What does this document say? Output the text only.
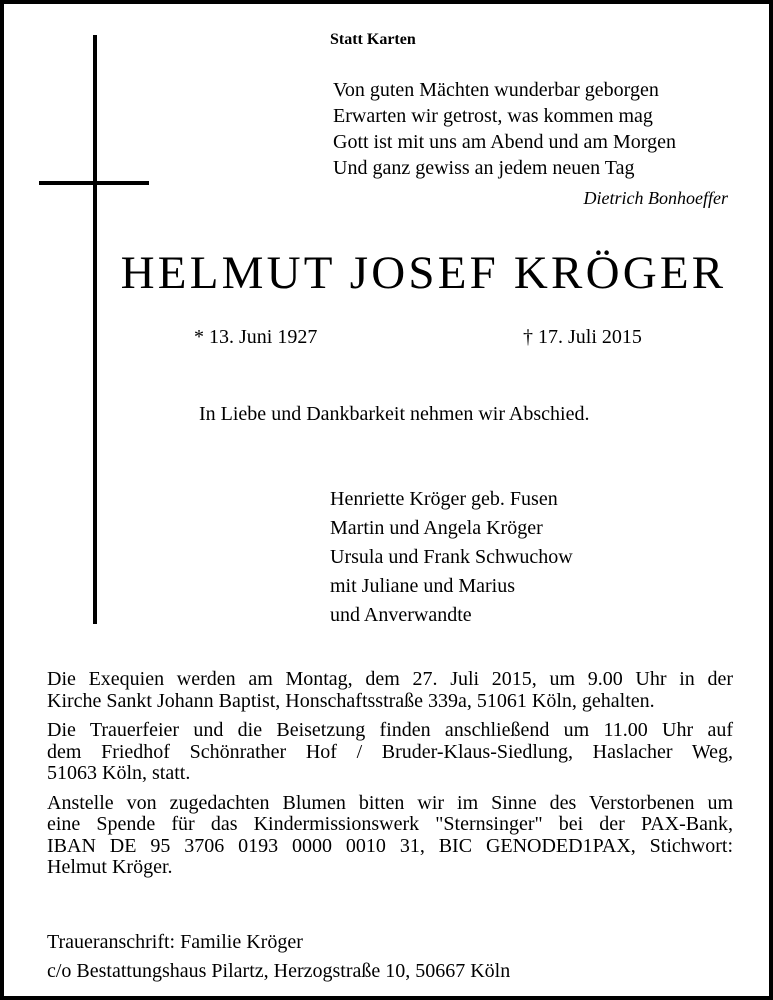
Statt Karten
Von guten Mächten wunderbar geborgen
Erwarten wir getrost, was kommen mag
Gott ist mit uns am Abend und am Morgen
Und ganz gewiss an jedem neuen Tag
Dietrich Bonhoeffer
HELMUT JOSEF KRÖGER
* 13. Juni 1927	† 17. Juli 2015
In Liebe und Dankbarkeit nehmen wir Abschied.
Henriette Kröger geb. Fusen
Martin und Angela Kröger
Ursula und Frank Schwuchow
mit Juliane und Marius
und Anverwandte
Die Exequien werden am Montag, dem 27. Juli 2015, um 9.00 Uhr in der
Kirche Sankt Johann Baptist, Honschaftsstraße 339a, 51061 Köln, gehalten.
Die Trauerfeier und die Beisetzung finden anschließend um 11.00 Uhr auf
dem Friedhof Schönrather Hof / Bruder-Klaus-Siedlung, Haslacher Weg,
51063 Köln, statt.
Anstelle von zugedachten Blumen bitten wir im Sinne des Verstorbenen um
eine Spende für das Kindermissionswerk "Sternsinger" bei der PAX-Bank,
IBAN DE 95 3706 0193 0000 0010 31, BIC GENODED1PAX, Stichwort:
Helmut Kröger.
Traueranschrift: Familie Kröger
c/o Bestattungshaus Pilartz, Herzogstraße 10, 50667 Köln
